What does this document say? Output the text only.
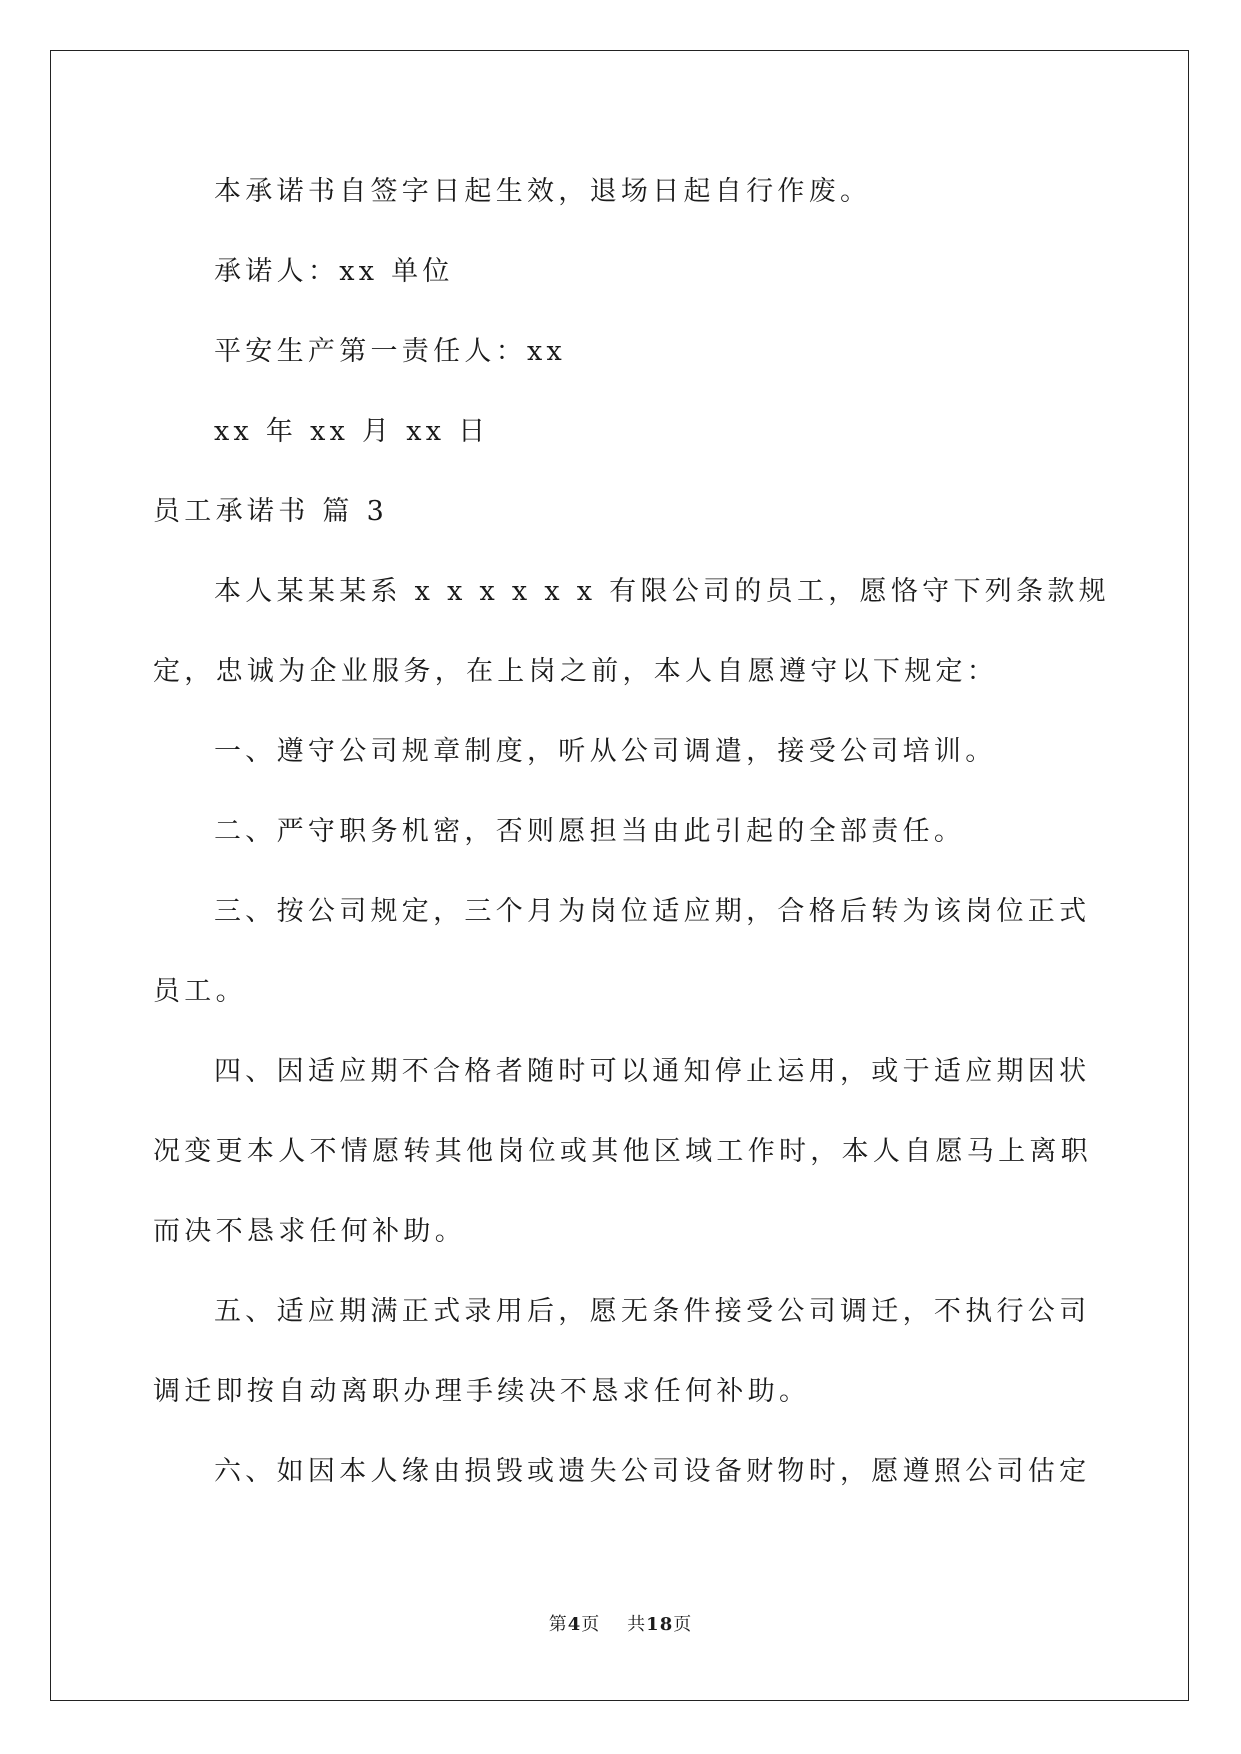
本承诺书自签字日起生效，退场日起自行作废。
承诺人：xx 单位
平安生产第一责任人：xx
xx 年 xx 月 xx 日
员工承诺书 篇 3
本人某某某系 x x x x x x 有限公司的员工，愿恪守下列条款规
定，忠诚为企业服务，在上岗之前，本人自愿遵守以下规定：
一、遵守公司规章制度，听从公司调遣，接受公司培训。
二、严守职务机密，否则愿担当由此引起的全部责任。
三、按公司规定，三个月为岗位适应期，合格后转为该岗位正式
员工。
四、因适应期不合格者随时可以通知停止运用，或于适应期因状
况变更本人不情愿转其他岗位或其他区域工作时，本人自愿马上离职
而决不恳求任何补助。
五、适应期满正式录用后，愿无条件接受公司调迁，不执行公司
调迁即按自动离职办理手续决不恳求任何补助。
六、如因本人缘由损毁或遗失公司设备财物时，愿遵照公司估定
第4页 共18页
